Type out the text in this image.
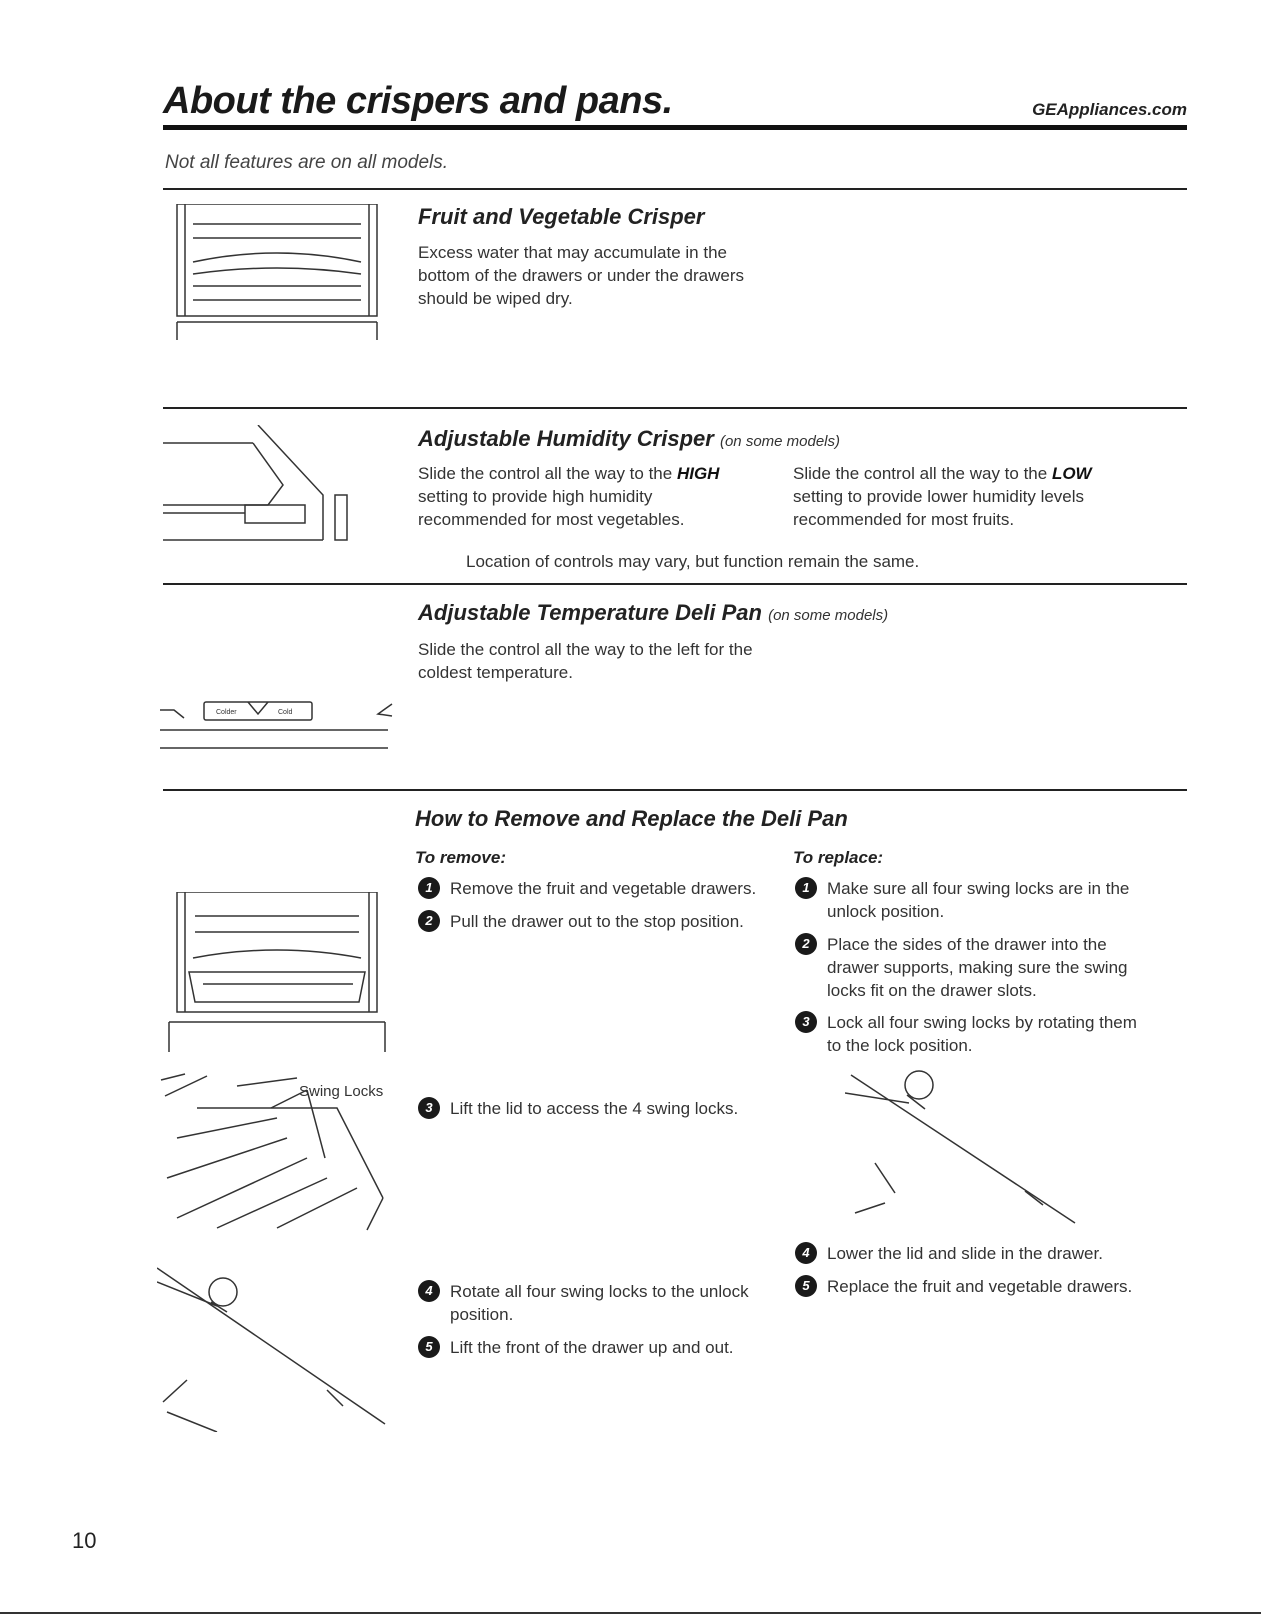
About the crispers and pans.	GEAppliances.com
Not all features are on all models.
Fruit and Vegetable Crisper
Excess water that may accumulate in the bottom of the drawers or under the drawers should be wiped dry.
Adjustable Humidity Crisper (on some models)
Slide the control all the way to the HIGH setting to provide high humidity recommended for most vegetables.
Slide the control all the way to the LOW setting to provide lower humidity levels recommended for most fruits.
Location of controls may vary, but function remain the same.
Colder	Cold
Adjustable Temperature Deli Pan (on some models)
Slide the control all the way to the left for the coldest temperature.
How to Remove and Replace the Deli Pan
To remove:	To replace:
1	Remove the fruit and vegetable drawers.
2	Pull the drawer out to the stop position.
3	Lift the lid to access the 4 swing locks.
4	Rotate all four swing locks to the unlock position.
5	Lift the front of the drawer up and out.
1	Make sure all four swing locks are in the unlock position.
2	Place the sides of the drawer into the drawer supports, making sure the swing locks fit on the drawer slots.
3	Lock all four swing locks by rotating them to the lock position.
4	Lower the lid and slide in the drawer.
5	Replace the fruit and vegetable drawers.
Swing Locks
10
